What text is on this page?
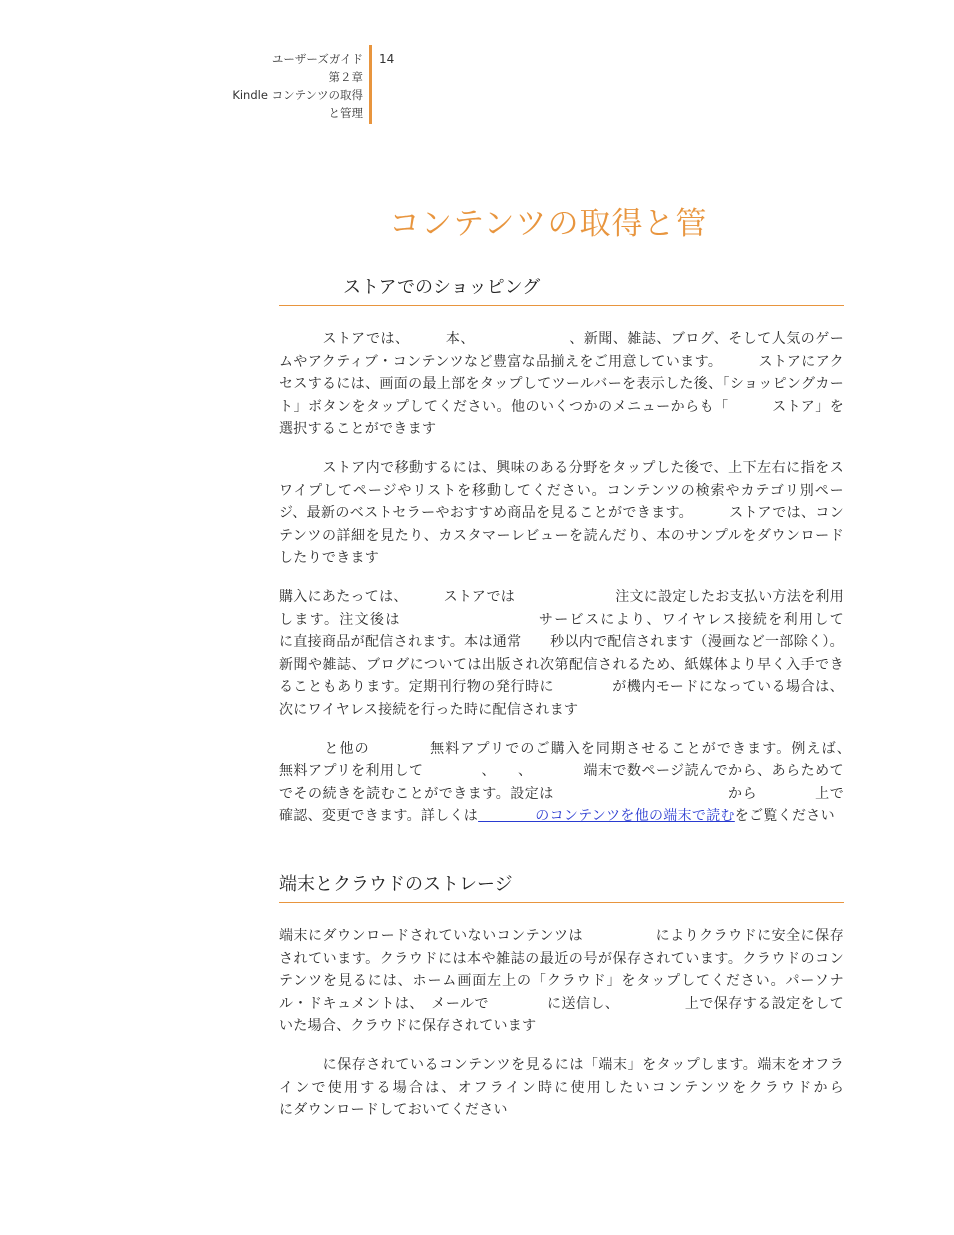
ユーザーズガイド
第２章
Kindle コンテンツの取得
と管理
14
コンテンツの取得と管
ストアでのショッピング

　　　ストアでは、　　　本、　　　　　　　、新聞、雑誌、ブログ、そして人気のゲームやアクティブ・コンテンツなど豊富な品揃えをご用意しています。　　　ストアにアクセスするには、画面の最上部をタップしてツールバーを表示した後、「ショッピングカート」ボタンをタップしてください。他のいくつかのメニューからも「　　　ストア」を選択することができます

　　　ストア内で移動するには、興味のある分野をタップした後で、上下左右に指をスワイプしてページやリストを移動してください。コンテンツの検索やカテゴリ別ページ、最新のベストセラーやおすすめ商品を見ることができます。　　　ストアでは、コンテンツの詳細を見たり、カスタマーレビューを読んだり、本のサンプルをダウンロードしたりできます

購入にあたっては、　　　ストアでは　　　　　　　注文に設定したお支払い方法を利用します。注文後は　　　　　　　　　サービスにより、ワイヤレス接続を利用して　　　に直接商品が配信されます。本は通常　　秒以内で配信されます（漫画など一部除く）。新聞や雑誌、ブログについては出版され次第配信されるため、紙媒体より早く入手できることもあります。定期刊行物の発行時に　　　　が機内モードになっている場合は、次にワイヤレス接続を行った時に配信されます

　　　と他の　　　　無料アプリでのご購入を同期させることができます。例えば、　　　無料アプリを利用して　　　　、　　、　　　　端末で数ページ読んでから、あらためて　　　　でその続きを読むことができます。設定は　　　　　　　　　　　　から　　　　上で確認、変更できます。詳しくは　　　　のコンテンツを他の端末で読むをご覧ください

端末とクラウドのストレージ

端末にダウンロードされていないコンテンツは　　　　　によりクラウドに安全に保存されています。クラウドには本や雑誌の最近の号が保存されています。クラウドのコンテンツを見るには、ホーム画面左上の「クラウド」をタップしてください。パーソナル・ドキュメントは、　メールで　　　　に送信し、　　　　　上で保存する設定をしていた場合、クラウドに保存されています

　　　に保存されているコンテンツを見るには「端末」をタップします。端末をオフラインで使用する場合は、オフライン時に使用したいコンテンツをクラウドから　　　　　にダウンロードしておいてください
